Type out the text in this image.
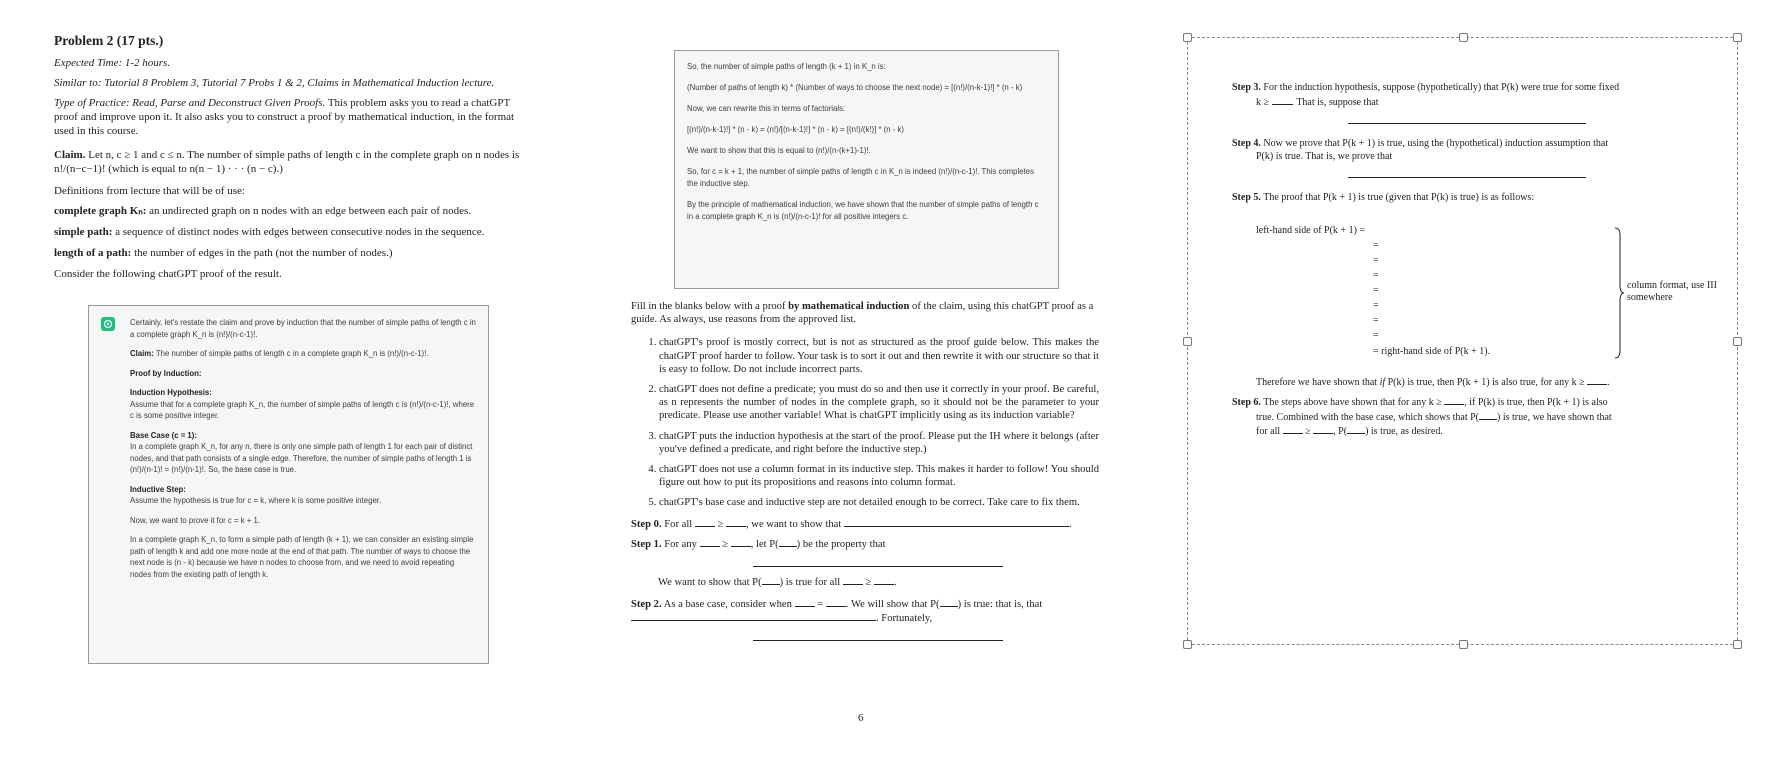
Problem 2 (17 pts.)

Expected Time: 1-2 hours.

Similar to: Tutorial 8 Problem 3, Tutorial 7 Probs 1 & 2, Claims in Mathematical Induction lecture.

Type of Practice: Read, Parse and Deconstruct Given Proofs. This problem asks you to read a chatGPT proof and improve upon it. It also asks you to construct a proof by mathematical induction, in the format used in this course.

Claim. Let n, c ≥ 1 and c ≤ n. The number of simple paths of length c in the complete graph on n nodes is n!/(n−c−1)! (which is equal to n(n − 1) · · · (n − c).)

Definitions from lecture that will be of use:

complete graph Kₙ: an undirected graph on n nodes with an edge between each pair of nodes.

simple path: a sequence of distinct nodes with edges between consecutive nodes in the sequence.

length of a path: the number of edges in the path (not the number of nodes.)

Consider the following chatGPT proof of the result.

Certainly, let's restate the claim and prove by induction that the number of simple paths of length c in a complete graph K_n is (n!)/(n-c-1)!.
Claim: The number of simple paths of length c in a complete graph K_n is (n!)/(n-c-1)!.
Proof by Induction:
Induction Hypothesis:
Assume that for a complete graph K_n, the number of simple paths of length c is (n!)/(n-c-1)!, where c is some positive integer.
Base Case (c = 1):
In a complete graph K_n, for any n, there is only one simple path of length 1 for each pair of distinct nodes, and that path consists of a single edge. Therefore, the number of simple paths of length 1 is (n!)/(n-1)! = (n!)/(n-1)!. So, the base case is true.
Inductive Step:
Assume the hypothesis is true for c = k, where k is some positive integer.
Now, we want to prove it for c = k + 1.
In a complete graph K_n, to form a simple path of length (k + 1), we can consider an existing simple path of length k and add one more node at the end of that path. The number of ways to choose the next node is (n - k) because we have n nodes to choose from, and we need to avoid repeating nodes from the existing path of length k.
So, the number of simple paths of length (k + 1) in K_n is:
(Number of paths of length k) * (Number of ways to choose the next node) = [(n!)/(n-k-1)!] * (n - k)
Now, we can rewrite this in terms of factorials:
[(n!)/(n-k-1)!] * (n - k) = (n!)/[(n-k-1)!] * (n - k) = [(n!)/(k!)] * (n - k)
We want to show that this is equal to (n!)/(n-(k+1)-1)!.
So, for c = k + 1, the number of simple paths of length c in K_n is indeed (n!)/(n-c-1)!. This completes the inductive step.
By the principle of mathematical induction, we have shown that the number of simple paths of length c in a complete graph K_n is (n!)/(n-c-1)! for all positive integers c.

Fill in the blanks below with a proof by mathematical induction of the claim, using this chatGPT proof as a guide. As always, use reasons from the approved list.

1. chatGPT's proof is mostly correct, but is not as structured as the proof guide below. This makes the chatGPT proof harder to follow. Your task is to sort it out and then rewrite it with our structure so that it is easy to follow. Do not include incorrect parts.
2. chatGPT does not define a predicate; you must do so and then use it correctly in your proof. Be careful, as n represents the number of nodes in the complete graph, so it should not be the parameter to your predicate. Please use another variable! What is chatGPT implicitly using as its induction variable?
3. chatGPT puts the induction hypothesis at the start of the proof. Please put the IH where it belongs (after you've defined a predicate, and right before the inductive step.)
4. chatGPT does not use a column format in its inductive step. This makes it harder to follow! You should figure out how to put its propositions and reasons into column format.
5. chatGPT's base case and inductive step are not detailed enough to be correct. Take care to fix them.
Step 0. For all  ≥ , we want to show that	.
Step 1. For any  ≥ , let P( ) be the property that
We want to show that P( ) is true for all  ≥ .
Step 2. As a base case, consider when  = . We will show that P( ) is true: that is, that . Fortunately,
6
Step 3. For the induction hypothesis, suppose (hypothetically) that P(k) were true for some fixed
k ≥ . That is, suppose that
Step 4. Now we prove that P(k + 1) is true, using the (hypothetical) induction assumption that
P(k) is true. That is, we prove that
Step 5. The proof that P(k + 1) is true (given that P(k) is true) is as follows:
left-hand side of P(k + 1) =
=
=
=
=
=
=
=
= right-hand side of P(k + 1).
column format, use III somewhere
Therefore we have shown that if P(k) is true, then P(k + 1) is also true, for any k ≥ .
Step 6. The steps above have shown that for any k ≥ , if P(k) is true, then P(k + 1) is also
true. Combined with the base case, which shows that P( ) is true, we have shown that
for all  ≥ , P( ) is true, as desired.
